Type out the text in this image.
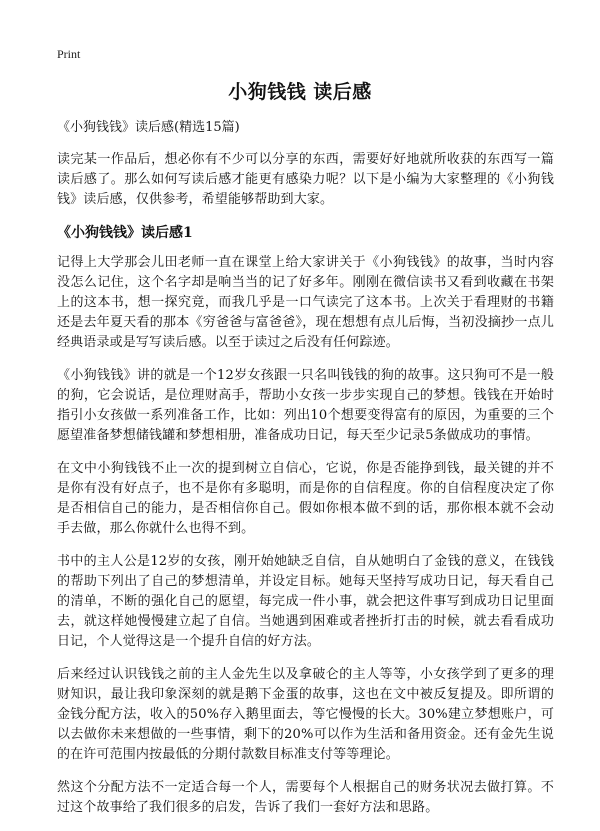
Print
小狗钱钱 读后感

《小狗钱钱》读后感(精选15篇)

读完某一作品后，想必你有不少可以分享的东西，需要好好地就所收获的东西写一篇读后感了。那么如何写读后感才能更有感染力呢？以下是小编为大家整理的《小狗钱钱》读后感，仅供参考，希望能够帮助到大家。

《小狗钱钱》读后感1

记得上大学那会儿田老师一直在课堂上给大家讲关于《小狗钱钱》的故事，当时内容没怎么记住，这个名字却是响当当的记了好多年。刚刚在微信读书又看到收藏在书架上的这本书，想一探究竟，而我几乎是一口气读完了这本书。上次关于看理财的书籍还是去年夏天看的那本《穷爸爸与富爸爸》，现在想想有点儿后悔，当初没摘抄一点儿经典语录或是写写读后感。以至于读过之后没有任何踪迹。

《小狗钱钱》讲的就是一个12岁女孩跟一只名叫钱钱的狗的故事。这只狗可不是一般的狗，它会说话，是位理财高手，帮助小女孩一步步实现自己的梦想。钱钱在开始时指引小女孩做一系列准备工作，比如：列出10个想要变得富有的原因，为重要的三个愿望准备梦想储钱罐和梦想相册，准备成功日记，每天至少记录5条做成功的事情。

在文中小狗钱钱不止一次的提到树立自信心，它说，你是否能挣到钱，最关键的并不是你有没有好点子，也不是你有多聪明，而是你的自信程度。你的自信程度决定了你是否相信自己的能力，是否相信你自己。假如你根本做不到的话，那你根本就不会动手去做，那么你就什么也得不到。

书中的主人公是12岁的女孩，刚开始她缺乏自信，自从她明白了金钱的意义，在钱钱的帮助下列出了自己的梦想清单，并设定目标。她每天坚持写成功日记，每天看自己的清单，不断的强化自己的愿望，每完成一件小事，就会把这件事写到成功日记里面去，就这样她慢慢建立起了自信。当她遇到困难或者挫折打击的时候，就去看看成功日记，个人觉得这是一个提升自信的好方法。

后来经过认识钱钱之前的主人金先生以及拿破仑的主人等等，小女孩学到了更多的理财知识，最让我印象深刻的就是鹅下金蛋的故事，这也在文中被反复提及。即所谓的金钱分配方法，收入的50%存入鹅里面去，等它慢慢的长大。30%建立梦想账户，可以去做你未来想做的一些事情，剩下的20%可以作为生活和备用资金。还有金先生说的在许可范围内按最低的分期付款数目标准支付等等理论。

然这个分配方法不一定适合每一个人，需要每个人根据自己的财务状况去做打算。不过这个故事给了我们很多的启发，告诉了我们一套好方法和思路。
